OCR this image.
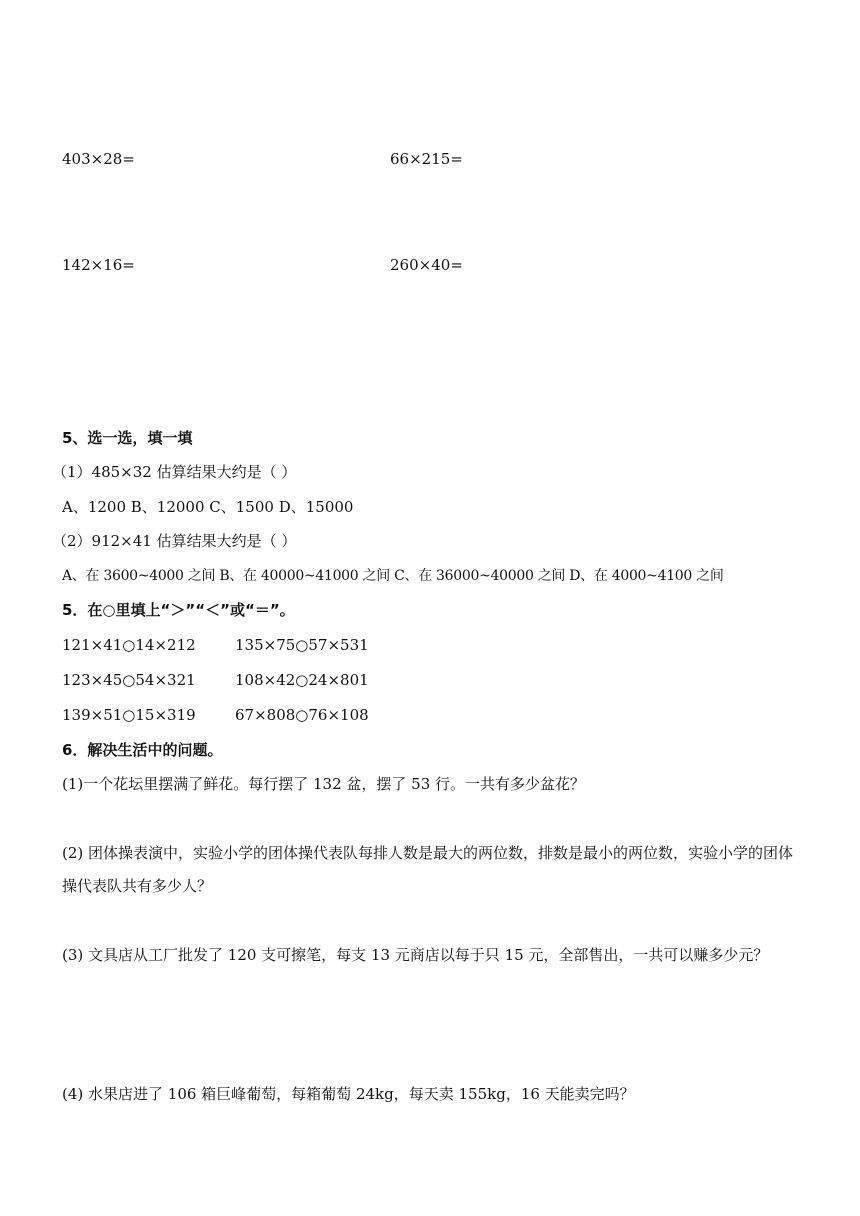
403×28=	66×215=
142×16=	260×40=
5、选一选，填一填
（1）485×32 估算结果大约是（ ）
A、1200 B、12000 C、1500 D、15000
（2）912×41 估算结果大约是（ ）
A、在 3600~4000 之间 B、在 40000~41000 之间 C、在 36000~40000 之间 D、在 4000~4100 之间
5．在○里填上“＞”“＜”或“＝”。
121×41○14×212	135×75○57×531
123×45○54×321	108×42○24×801
139×51○15×319	67×808○76×108
6．解决生活中的问题。
(1)一个花坛里摆满了鲜花。每行摆了 132 盆，摆了 53 行。一共有多少盆花？
(2) 团体操表演中，实验小学的团体操代表队每排人数是最大的两位数，排数是最小的两位数，实验小学的团体操代表队共有多少人？
(3) 文具店从工厂批发了 120 支可擦笔，每支 13 元商店以每于只 15 元，全部售出，一共可以赚多少元？
(4) 水果店进了 106 箱巨峰葡萄，每箱葡萄 24kg，每天卖 155kg，16 天能卖完吗？
